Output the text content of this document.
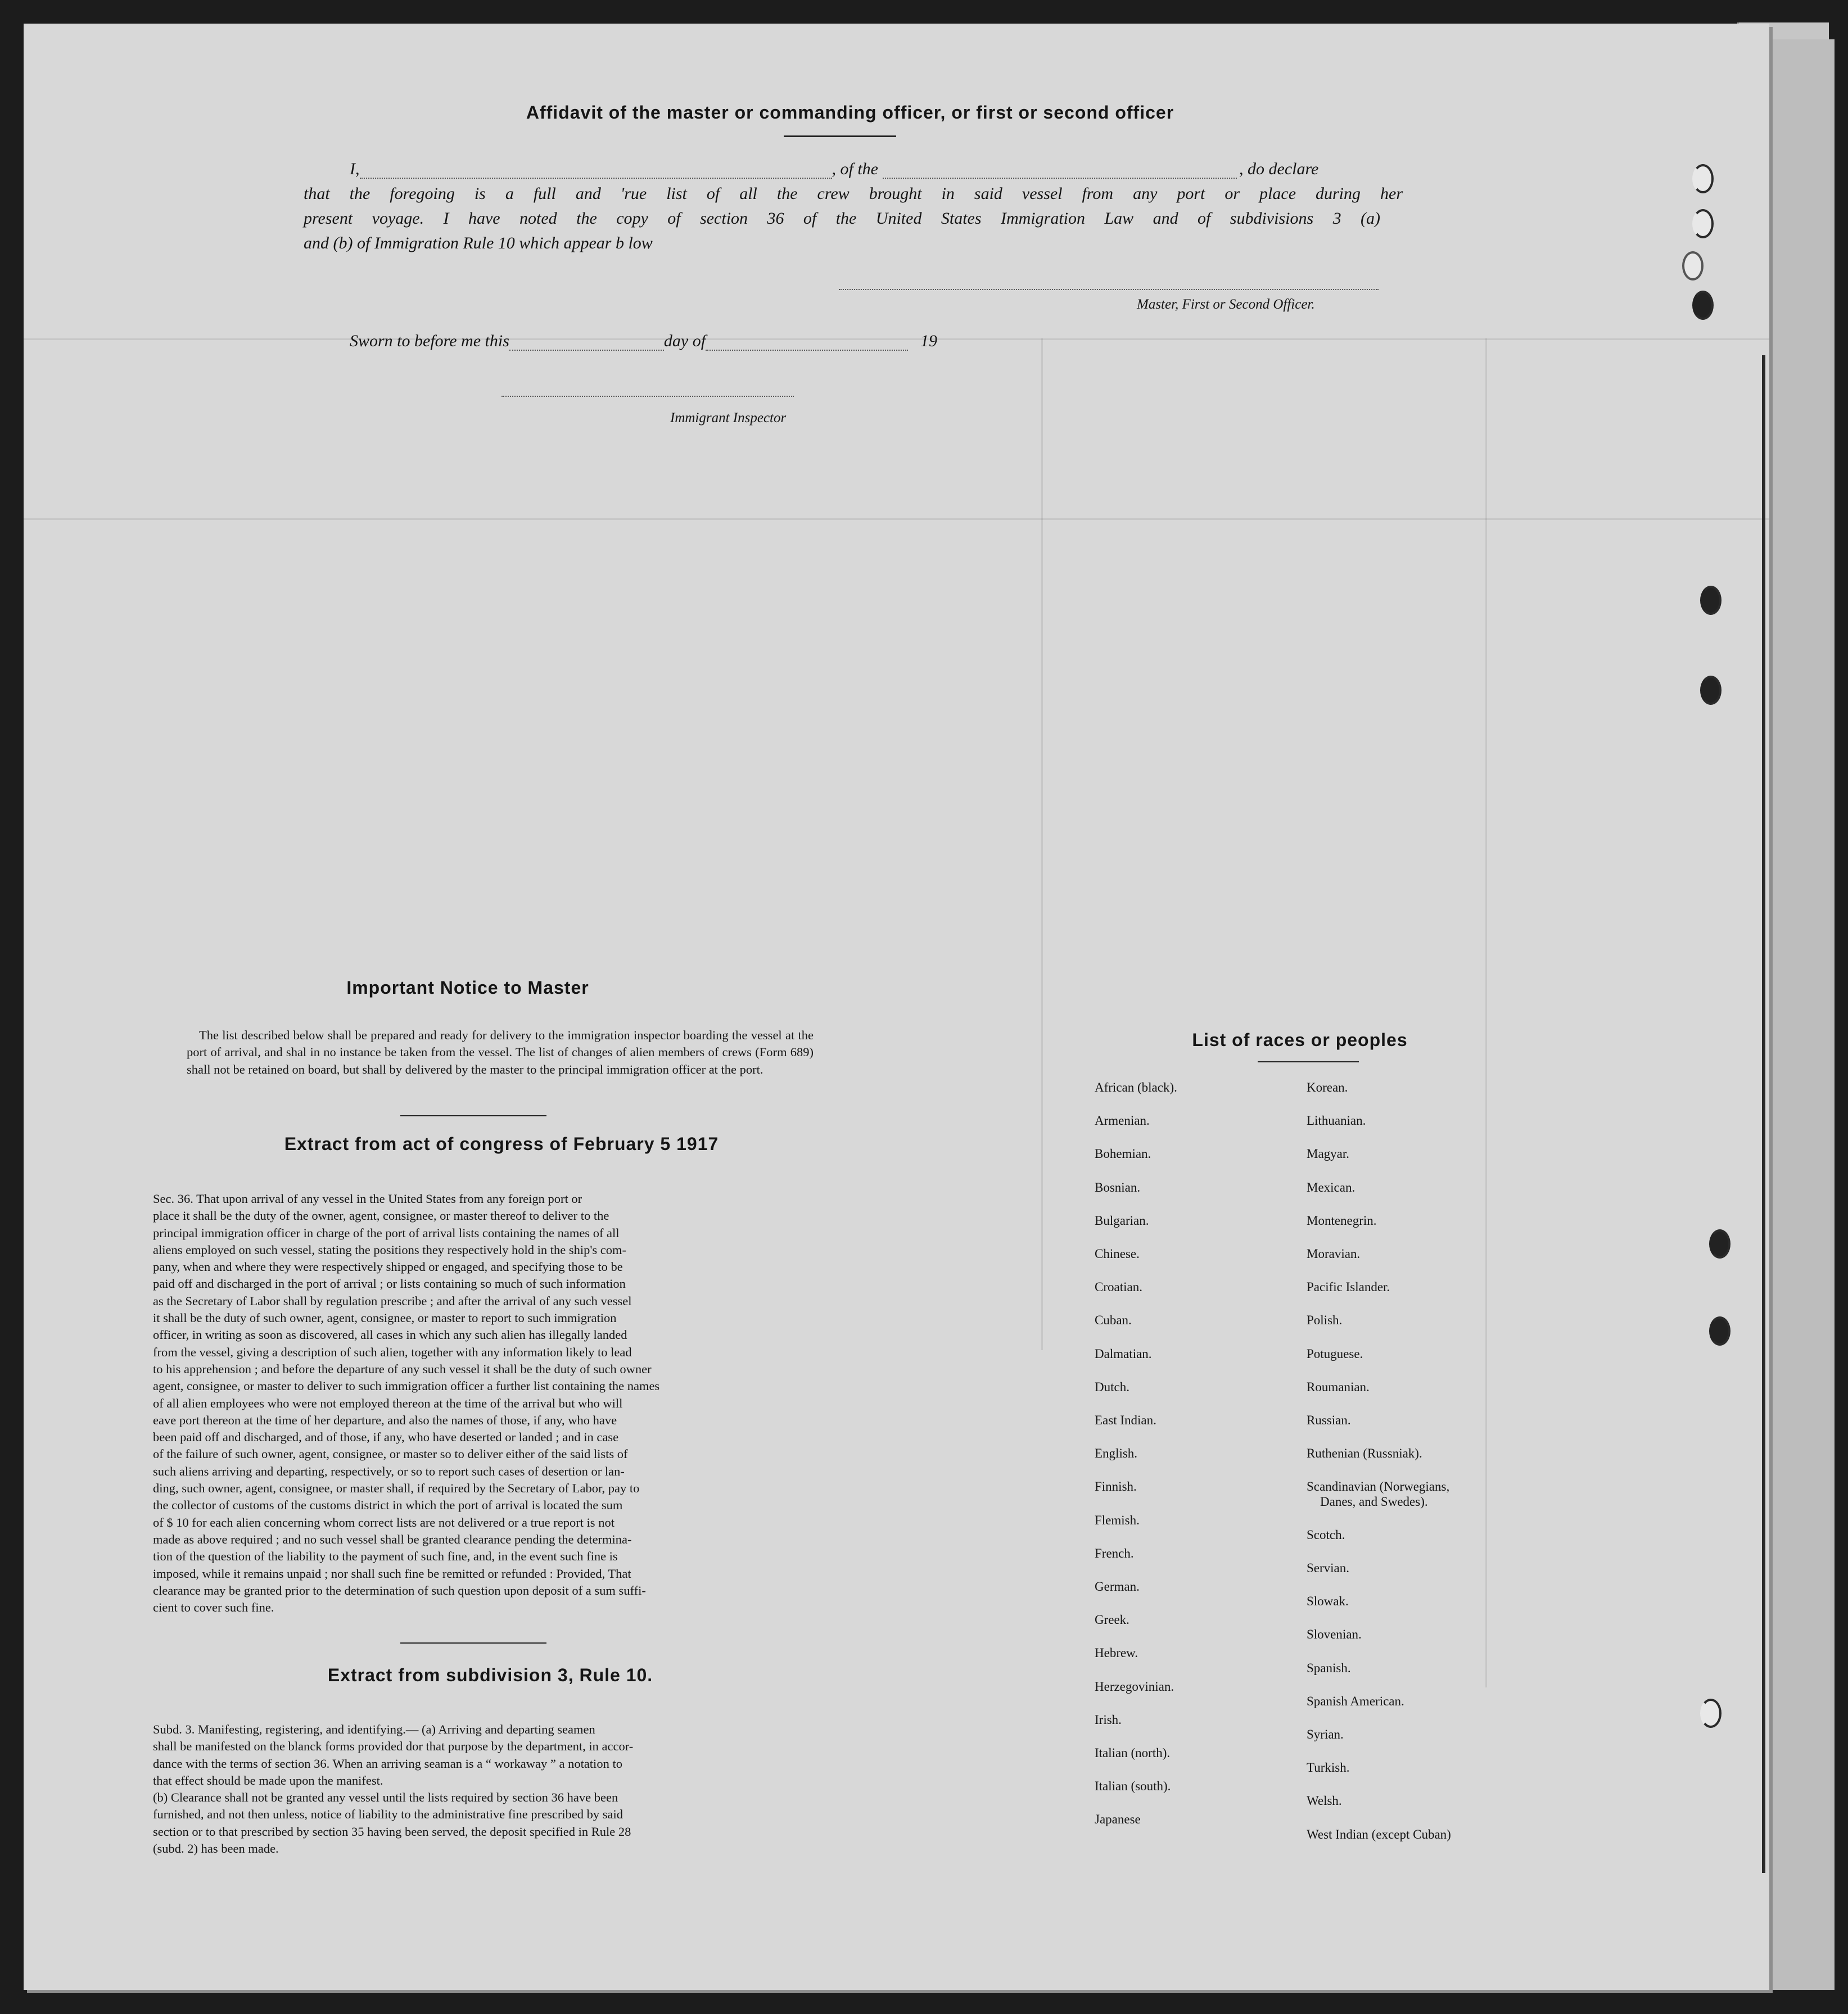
Affidavit of the master or commanding officer, or first or second officer
I,	, of the	, do declare
that the foregoing is a full and 'rue list of all the crew brought in said vessel from any port or place during her
present voyage. I have noted the copy of section 36 of the United States Immigration Law and of subdivisions 3 (a)
and (b) of Immigration Rule 10 which appear b low
Master, First or Second Officer.
Sworn to before me this	day of	19
Immigrant Inspector
Important Notice to Master
The list described below shall be prepared and ready for delivery to the immigration inspector boarding the vessel at the port of arrival, and shal in no instance be taken from the vessel. The list of changes of alien members of crews (Form 689) shall not be retained on board, but shall by delivered by the master to the principal immigration officer at the port.
Extract from act of congress of February 5 1917
Sec. 36. That upon arrival of any vessel in the United States from any foreign port or
place it shall be the duty of the owner, agent, consignee, or master thereof to deliver to the
principal immigration officer in charge of the port of arrival lists containing the names of all
aliens employed on such vessel, stating the positions they respectively hold in the ship's com-
pany, when and where they were respectively shipped or engaged, and specifying those to be
paid off and discharged in the port of arrival ; or lists containing so much of such information
as the Secretary of Labor shall by regulation prescribe ; and after the arrival of any such vessel
it shall be the duty of such owner, agent, consignee, or master to report to such immigration
officer, in writing as soon as discovered, all cases in which any such alien has illegally landed
from the vessel, giving a description of such alien, together with any information likely to lead
to his apprehension ; and before the departure of any such vessel it shall be the duty of such owner
agent, consignee, or master to deliver to such immigration officer a further list containing the names
of all alien employees who were not employed thereon at the time of the arrival but who will
eave port thereon at the time of her departure, and also the names of those, if any, who have
been paid off and discharged, and of those, if any, who have deserted or landed ; and in case
of the failure of such owner, agent, consignee, or master so to deliver either of the said lists of
such aliens arriving and departing, respectively, or so to report such cases of desertion or lan-
ding, such owner, agent, consignee, or master shall, if required by the Secretary of Labor, pay to
the collector of customs of the customs district in which the port of arrival is located the sum
of $ 10 for each alien concerning whom correct lists are not delivered or a true report is not
made as above required ; and no such vessel shall be granted clearance pending the determina-
tion of the question of the liability to the payment of such fine, and, in the event such fine is
imposed, while it remains unpaid ; nor shall such fine be remitted or refunded : Provided, That
clearance may be granted prior to the determination of such question upon deposit of a sum suffi-
cient to cover such fine.
Extract from subdivision 3, Rule 10.
Subd. 3. Manifesting, registering, and identifying.— (a) Arriving and departing seamen
shall be manifested on the blanck forms provided dor that purpose by the department, in accor-
dance with the terms of section 36. When an arriving seaman is a “ workaway ” a notation to
that effect should be made upon the manifest.
(b) Clearance shall not be granted any vessel until the lists required by section 36 have been
furnished, and not then unless, notice of liability to the administrative fine prescribed by said
section or to that prescribed by section 35 having been served, the deposit specified in Rule 28
(subd. 2) has been made.
List of races or peoples
African (black).
Armenian.
Bohemian.
Bosnian.
Bulgarian.
Chinese.
Croatian.
Cuban.
Dalmatian.
Dutch.
East Indian.
English.
Finnish.
Flemish.
French.
German.
Greek.
Hebrew.
Herzegovinian.
Irish.
Italian (north).
Italian (south).
Japanese
Korean.
Lithuanian.
Magyar.
Mexican.
Montenegrin.
Moravian.
Pacific Islander.
Polish.
Potuguese.
Roumanian.
Russian.
Ruthenian (Russniak).
Scandinavian (Norwegians,
Danes, and Swedes).
Scotch.
Servian.
Slowak.
Slovenian.
Spanish.
Spanish American.
Syrian.
Turkish.
Welsh.
West Indian (except Cuban)
